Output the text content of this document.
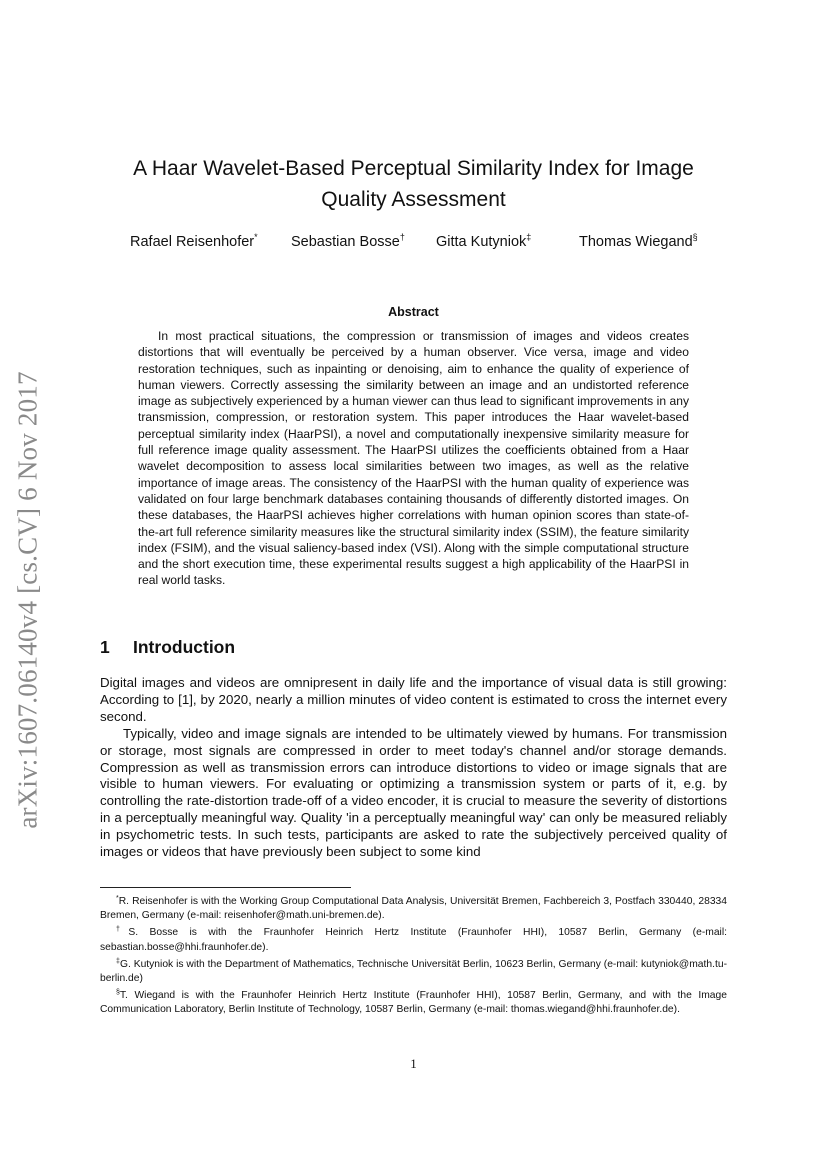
arXiv:1607.06140v4 [cs.CV] 6 Nov 2017
A Haar Wavelet-Based Perceptual Similarity Index for Image Quality Assessment
Rafael Reisenhofer* Sebastian Bosse† Gitta Kutyniok‡	Thomas Wiegand§
Abstract
In most practical situations, the compression or transmission of images and videos creates distortions that will eventually be perceived by a human observer. Vice versa, image and video restoration techniques, such as inpainting or denoising, aim to enhance the quality of experience of human viewers. Correctly assessing the similarity between an image and an undistorted reference image as subjectively experienced by a human viewer can thus lead to significant improvements in any transmission, compression, or restoration system. This paper introduces the Haar wavelet-based perceptual similarity index (HaarPSI), a novel and computationally inexpensive similarity measure for full reference image quality assessment. The HaarPSI utilizes the coefficients obtained from a Haar wavelet decomposition to assess local similarities between two images, as well as the relative importance of image areas. The consistency of the HaarPSI with the human quality of experience was validated on four large benchmark databases containing thousands of differently distorted images. On these databases, the HaarPSI achieves higher correlations with human opinion scores than state-of-the-art full reference similarity measures like the structural similarity index (SSIM), the feature similarity index (FSIM), and the visual saliency-based index (VSI). Along with the simple computational structure and the short execution time, these experimental results suggest a high applicability of the HaarPSI in real world tasks.
1 Introduction

Digital images and videos are omnipresent in daily life and the importance of visual data is still growing: According to [1], by 2020, nearly a million minutes of video content is estimated to cross the internet every second.

Typically, video and image signals are intended to be ultimately viewed by humans. For transmission or storage, most signals are compressed in order to meet today's channel and/or storage demands. Compression as well as transmission errors can introduce distortions to video or image signals that are visible to human viewers. For evaluating or optimizing a transmission system or parts of it, e.g. by controlling the rate-distortion trade-off of a video encoder, it is crucial to measure the severity of distortions in a perceptually meaningful way. Quality 'in a perceptually meaningful way' can only be measured reliably in psychometric tests. In such tests, participants are asked to rate the subjectively perceived quality of images or videos that have previously been subject to some kind

*R. Reisenhofer is with the Working Group Computational Data Analysis, Universität Bremen, Fachbereich 3, Postfach 330440, 28334 Bremen, Germany (e-mail: reisenhofer@math.uni-bremen.de).

†S. Bosse is with the Fraunhofer Heinrich Hertz Institute (Fraunhofer HHI), 10587 Berlin, Germany (e-mail: sebastian.bosse@hhi.fraunhofer.de).

‡G. Kutyniok is with the Department of Mathematics, Technische Universität Berlin, 10623 Berlin, Germany (e-mail: kutyniok@math.tu-berlin.de)

§T. Wiegand is with the Fraunhofer Heinrich Hertz Institute (Fraunhofer HHI), 10587 Berlin, Germany, and with the Image Communication Laboratory, Berlin Institute of Technology, 10587 Berlin, Germany (e-mail: thomas.wiegand@hhi.fraunhofer.de).

1
